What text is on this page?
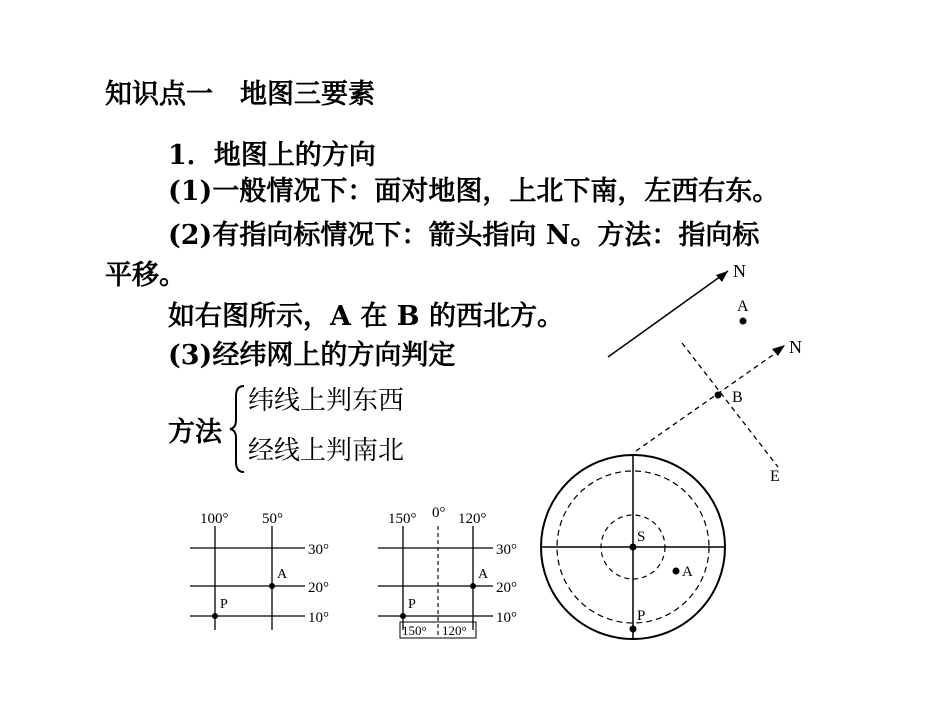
知识点一　地图三要素
1．地图上的方向
(1)一般情况下：面对地图，上北下南，左西右东。
(2)有指向标情况下：箭头指向 N。方法：指向标
平移。
如右图所示，A 在 B 的西北方。
(3)经纬网上的方向判定
方法
纬线上判东西
经线上判南北
N
A
N
E
B
100° 50°
30°
20°
10°
A
P
150° 0° 120°
30°
20°
10°
A
P
150° 120°
S
A
P
